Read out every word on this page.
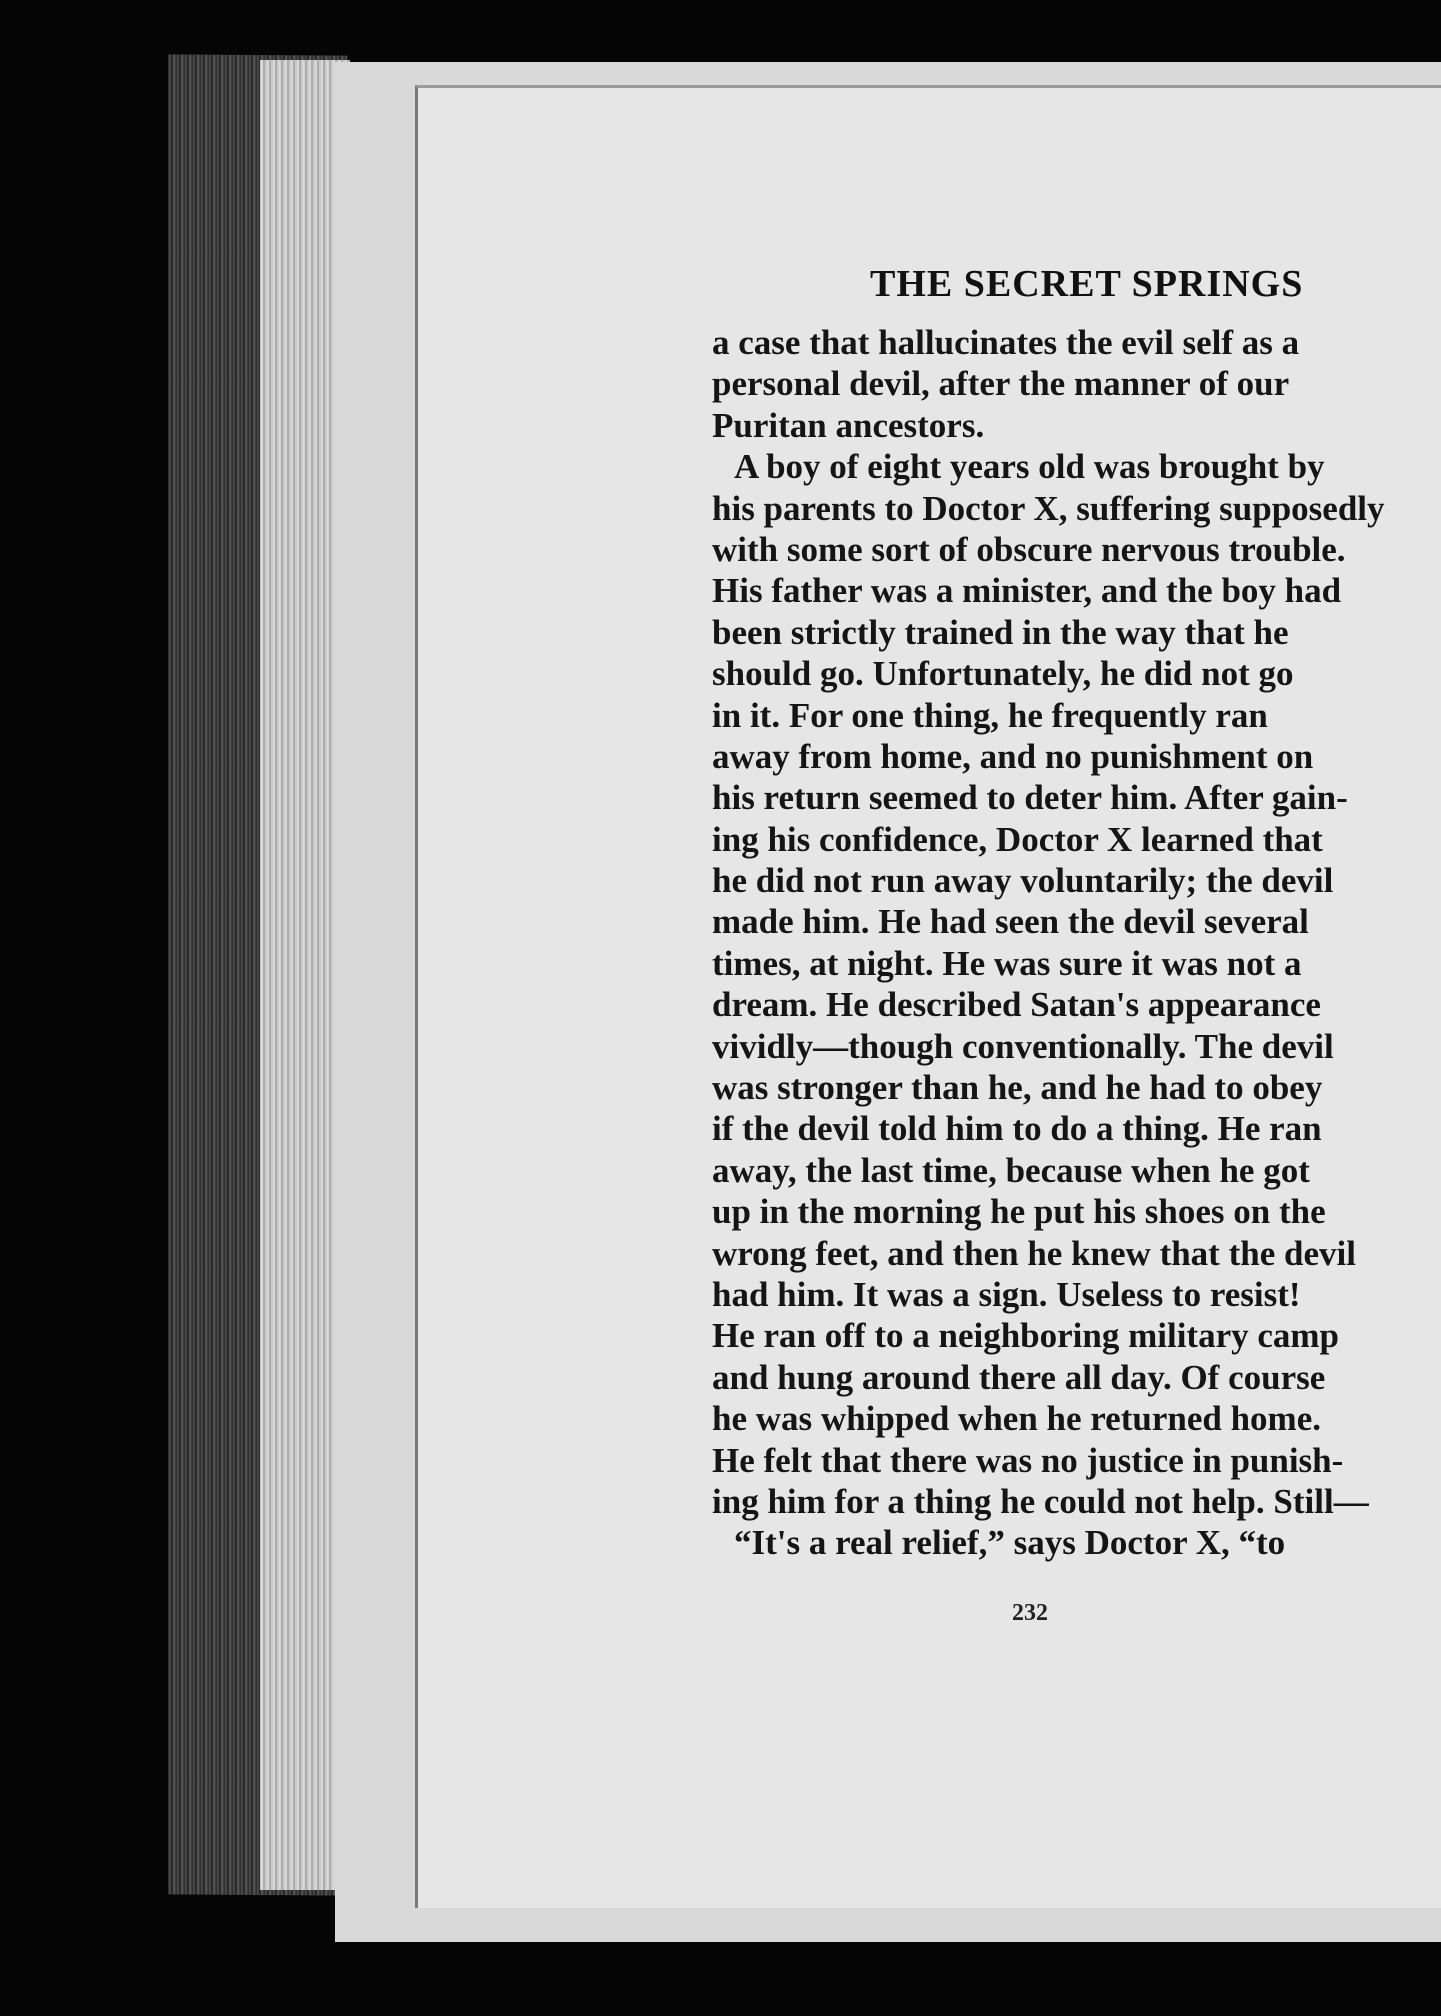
THE SECRET SPRINGS
a case that hallucinates the evil self as a
personal devil, after the manner of our
Puritan ancestors.
A boy of eight years old was brought by
his parents to Doctor X, suffering supposedly
with some sort of obscure nervous trouble.
His father was a minister, and the boy had
been strictly trained in the way that he
should go. Unfortunately, he did not go
in it. For one thing, he frequently ran
away from home, and no punishment on
his return seemed to deter him. After gain-
ing his confidence, Doctor X learned that
he did not run away voluntarily; the devil
made him. He had seen the devil several
times, at night. He was sure it was not a
dream. He described Satan's appearance
vividly—though conventionally. The devil
was stronger than he, and he had to obey
if the devil told him to do a thing. He ran
away, the last time, because when he got
up in the morning he put his shoes on the
wrong feet, and then he knew that the devil
had him. It was a sign. Useless to resist!
He ran off to a neighboring military camp
and hung around there all day. Of course
he was whipped when he returned home.
He felt that there was no justice in punish-
ing him for a thing he could not help. Still—
“It's a real relief,” says Doctor X, “to
232
